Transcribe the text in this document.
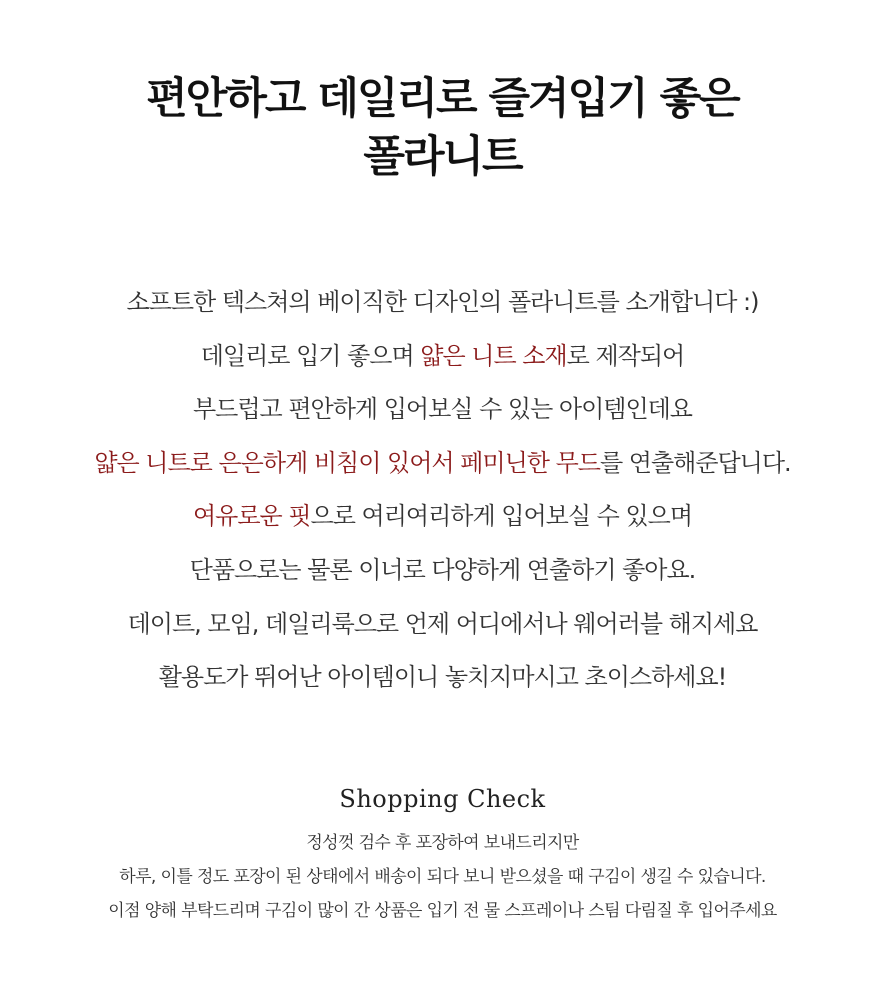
편안하고 데일리로 즐겨입기 좋은
폴라니트
소프트한 텍스쳐의 베이직한 디자인의 폴라니트를 소개합니다 :)
데일리로 입기 좋으며 얇은 니트 소재로 제작되어
부드럽고 편안하게 입어보실 수 있는 아이템인데요
얇은 니트로 은은하게 비침이 있어서 페미닌한 무드를 연출해준답니다.
여유로운 핏으로 여리여리하게 입어보실 수 있으며
단품으로는 물론 이너로 다양하게 연출하기 좋아요.
데이트, 모임, 데일리룩으로 언제 어디에서나 웨어러블 해지세요
활용도가 뛰어난 아이템이니 놓치지마시고 초이스하세요!
Shopping Check
정성껏 검수 후 포장하여 보내드리지만
하루, 이틀 정도 포장이 된 상태에서 배송이 되다 보니 받으셨을 때 구김이 생길 수 있습니다.
이점 양해 부탁드리며 구김이 많이 간 상품은 입기 전 물 스프레이나 스팀 다림질 후 입어주세요
